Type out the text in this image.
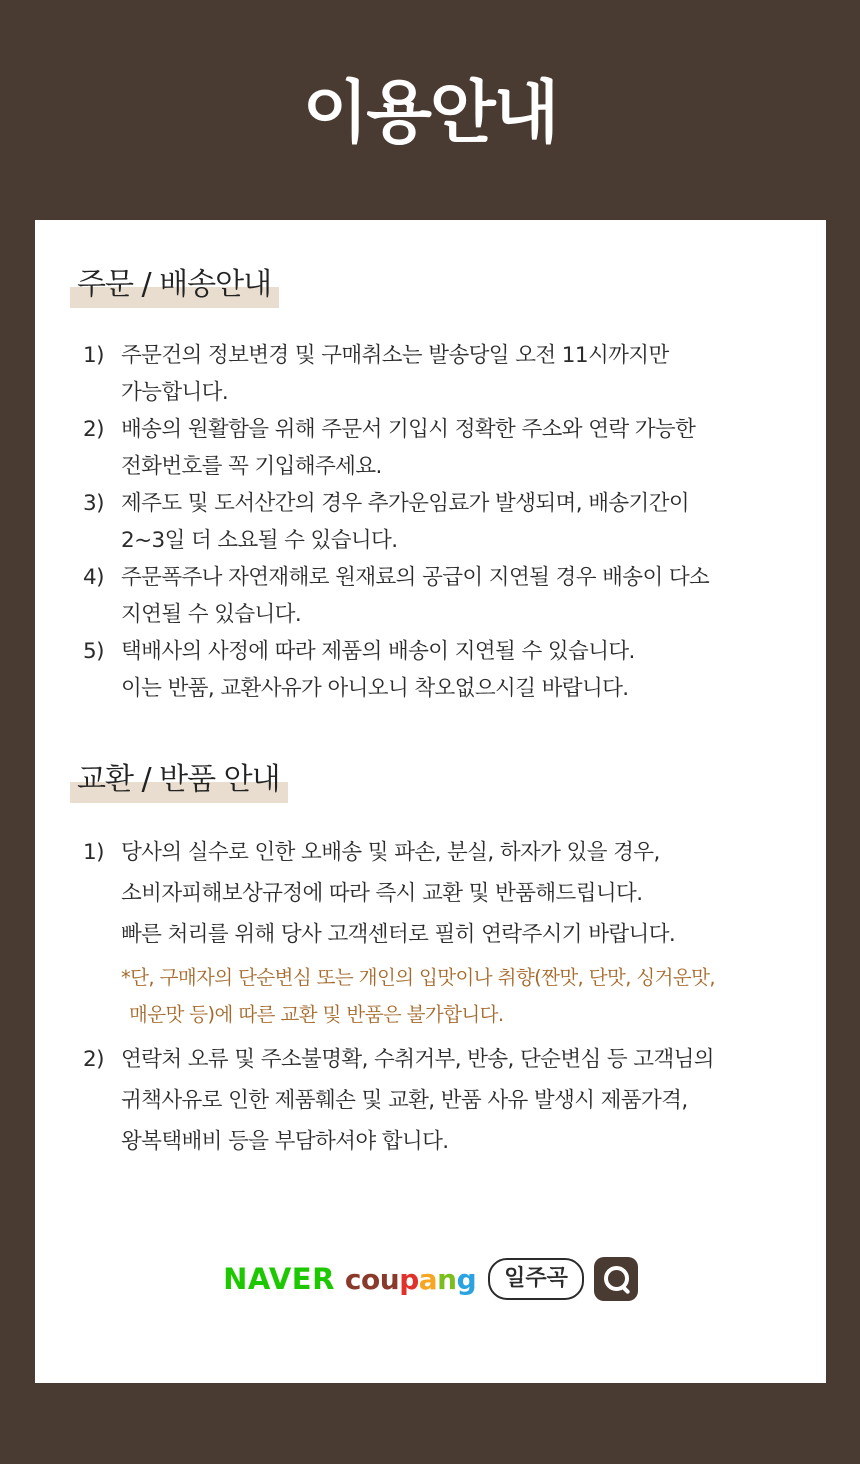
이용안내
주문 / 배송안내
1) 주문건의 정보변경 및 구매취소는 발송당일 오전 11시까지만
가능합니다.
2) 배송의 원활함을 위해 주문서 기입시 정확한 주소와 연락 가능한
전화번호를 꼭 기입해주세요.
3) 제주도 및 도서산간의 경우 추가운임료가 발생되며, 배송기간이
2~3일 더 소요될 수 있습니다.
4) 주문폭주나 자연재해로 원재료의 공급이 지연될 경우 배송이 다소
지연될 수 있습니다.
5) 택배사의 사정에 따라 제품의 배송이 지연될 수 있습니다.
이는 반품, 교환사유가 아니오니 착오없으시길 바랍니다.
교환 / 반품 안내
1) 당사의 실수로 인한 오배송 및 파손, 분실, 하자가 있을 경우,
소비자피해보상규정에 따라 즉시 교환 및 반품해드립니다.
빠른 처리를 위해 당사 고객센터로 필히 연락주시기 바랍니다.
*단, 구매자의 단순변심 또는 개인의 입맛이나 취향(짠맛, 단맛, 싱거운맛,
매운맛 등)에 따른 교환 및 반품은 불가합니다.
2) 연락처 오류 및 주소불명확, 수취거부, 반송, 단순변심 등 고객님의
귀책사유로 인한 제품훼손 및 교환, 반품 사유 발생시 제품가격,
왕복택배비 등을 부담하셔야 합니다.
NAVER coupang	일주곡
